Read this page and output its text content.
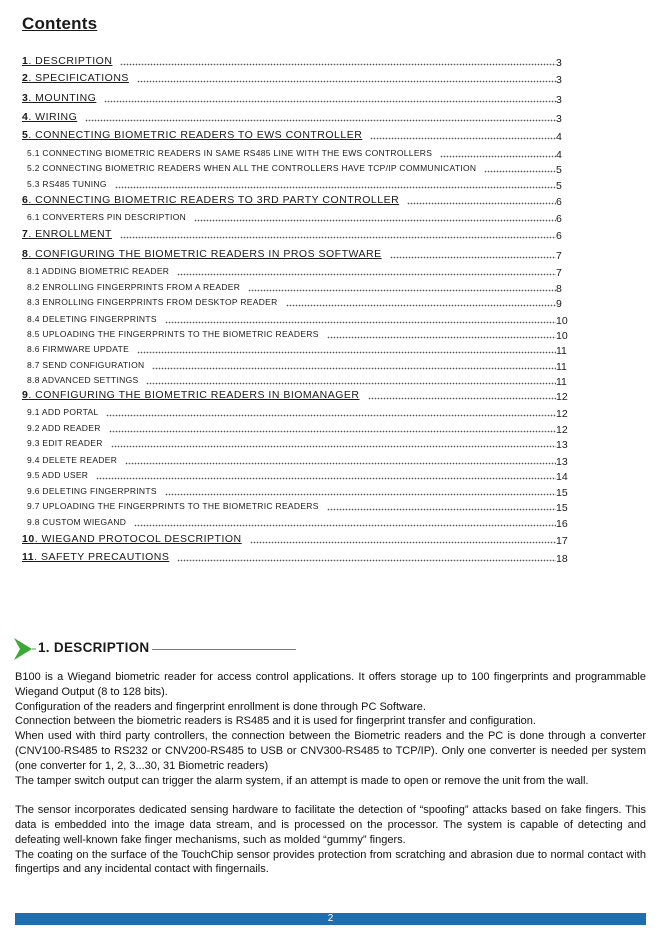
Contents
1. DESCRIPTION	3
2. SPECIFICATIONS	3
3. MOUNTING	3
4. WIRING	3
5. CONNECTING BIOMETRIC READERS TO EWS CONTROLLER	4
5.1 CONNECTING BIOMETRIC READERS IN SAME RS485 LINE WITH THE EWS CONTROLLERS	4
5.2 CONNECTING BIOMETRIC READERS WHEN ALL THE CONTROLLERS HAVE TCP/IP COMMUNICATION	5
5.3 RS485 TUNING	5
6. CONNECTING BIOMETRIC READERS TO 3RD PARTY CONTROLLER	6
6.1 CONVERTERS PIN DESCRIPTION	6
7. ENROLLMENT	6
8. CONFIGURING THE BIOMETRIC READERS IN PROS SOFTWARE	7
8.1 ADDING BIOMETRIC READER	7
8.2 ENROLLING FINGERPRINTS FROM A READER	8
8.3 ENROLLING FINGERPRINTS FROM DESKTOP READER	9
8.4 DELETING FINGERPRINTS	10
8.5 UPLOADING THE FINGERPRINTS TO THE BIOMETRIC READERS	10
8.6 FIRMWARE UPDATE	11
8.7 SEND CONFIGURATION	11
8.8 ADVANCED SETTINGS	11
9. CONFIGURING THE BIOMETRIC READERS IN BIOMANAGER	12
9.1 ADD PORTAL	12
9.2 ADD READER	12
9.3 EDIT READER	13
9.4 DELETE READER	13
9.5 ADD USER	14
9.6 DELETING FINGERPRINTS	15
9.7 UPLOADING THE FINGERPRINTS TO THE BIOMETRIC READERS	15
9.8 CUSTOM WIEGAND	16
10. WIEGAND PROTOCOL DESCRIPTION	17
11. SAFETY PRECAUTIONS	18
1. DESCRIPTION

B100 is a Wiegand biometric reader for access control applications. It offers storage up to 100 fingerprints and programmable Wiegand Output (8 to 128 bits).

Configuration of the readers and fingerprint enrollment is done through PC Software.

Connection between the biometric readers is RS485 and it is used for fingerprint transfer and configuration.

When used with third party controllers, the connection between the Biometric readers and the PC is done through a converter (CNV100-RS485 to RS232 or CNV200-RS485 to USB or CNV300-RS485 to TCP/IP). Only one converter is needed per system (one converter for 1, 2, 3...30, 31 Biometric readers)

The tamper switch output can trigger the alarm system, if an attempt is made to open or remove the unit from the wall.

The sensor incorporates dedicated sensing hardware to facilitate the detection of “spoofing” attacks based on fake fingers. This data is embedded into the image data stream, and is processed on the processor. The system is capable of detecting and defeating well-known fake finger mechanisms, such as molded “gummy” fingers.

The coating on the surface of the TouchChip sensor provides protection from scratching and abrasion due to normal contact with fingertips and any incidental contact with fingernails.

2
